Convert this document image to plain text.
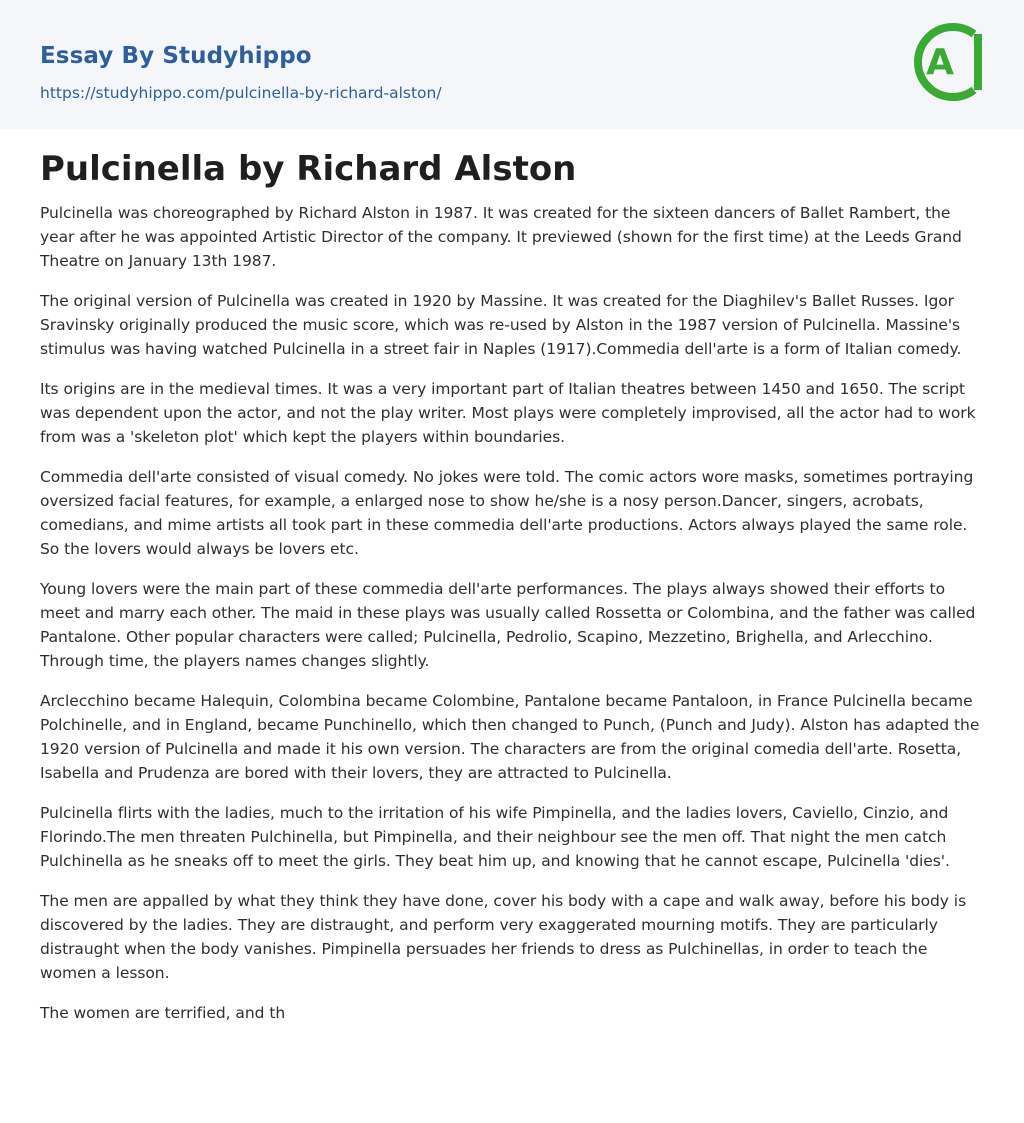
Essay By Studyhippo
https://studyhippo.com/pulcinella-by-richard-alston/
A
Pulcinella by Richard Alston

Pulcinella was choreographed by Richard Alston in 1987. It was created for the sixteen dancers of Ballet Rambert, the year after he was appointed Artistic Director of the company. It previewed (shown for the first time) at the Leeds Grand Theatre on January 13th 1987.

The original version of Pulcinella was created in 1920 by Massine. It was created for the Diaghilev's Ballet Russes. Igor Sravinsky originally produced the music score, which was re-used by Alston in the 1987 version of Pulcinella. Massine's stimulus was having watched Pulcinella in a street fair in Naples (1917).Commedia dell'arte is a form of Italian comedy.

Its origins are in the medieval times. It was a very important part of Italian theatres between 1450 and 1650. The script was dependent upon the actor, and not the play writer. Most plays were completely improvised, all the actor had to work from was a 'skeleton plot' which kept the players within boundaries.

Commedia dell'arte consisted of visual comedy. No jokes were told. The comic actors wore masks, sometimes portraying oversized facial features, for example, a enlarged nose to show he/she is a nosy person.Dancer, singers, acrobats, comedians, and mime artists all took part in these commedia dell'arte productions. Actors always played the same role. So the lovers would always be lovers etc.

Young lovers were the main part of these commedia dell'arte performances. The plays always showed their efforts to meet and marry each other. The maid in these plays was usually called Rossetta or Colombina, and the father was called Pantalone. Other popular characters were called; Pulcinella, Pedrolio, Scapino, Mezzetino, Brighella, and Arlecchino. Through time, the players names changes slightly.

Arclecchino became Halequin, Colombina became Colombine, Pantalone became Pantaloon, in France Pulcinella became Polchinelle, and in England, became Punchinello, which then changed to Punch, (Punch and Judy). Alston has adapted the 1920 version of Pulcinella and made it his own version. The characters are from the original comedia dell'arte. Rosetta, Isabella and Prudenza are bored with their lovers, they are attracted to Pulcinella.

Pulcinella flirts with the ladies, much to the irritation of his wife Pimpinella, and the ladies lovers, Caviello, Cinzio, and Florindo.The men threaten Pulchinella, but Pimpinella, and their neighbour see the men off. That night the men catch Pulchinella as he sneaks off to meet the girls. They beat him up, and knowing that he cannot escape, Pulcinella 'dies'.

The men are appalled by what they think they have done, cover his body with a cape and walk away, before his body is discovered by the ladies. They are distraught, and perform very exaggerated mourning motifs. They are particularly distraught when the body vanishes. Pimpinella persuades her friends to dress as Pulchinellas, in order to teach the women a lesson.

The women are terrified, and th
